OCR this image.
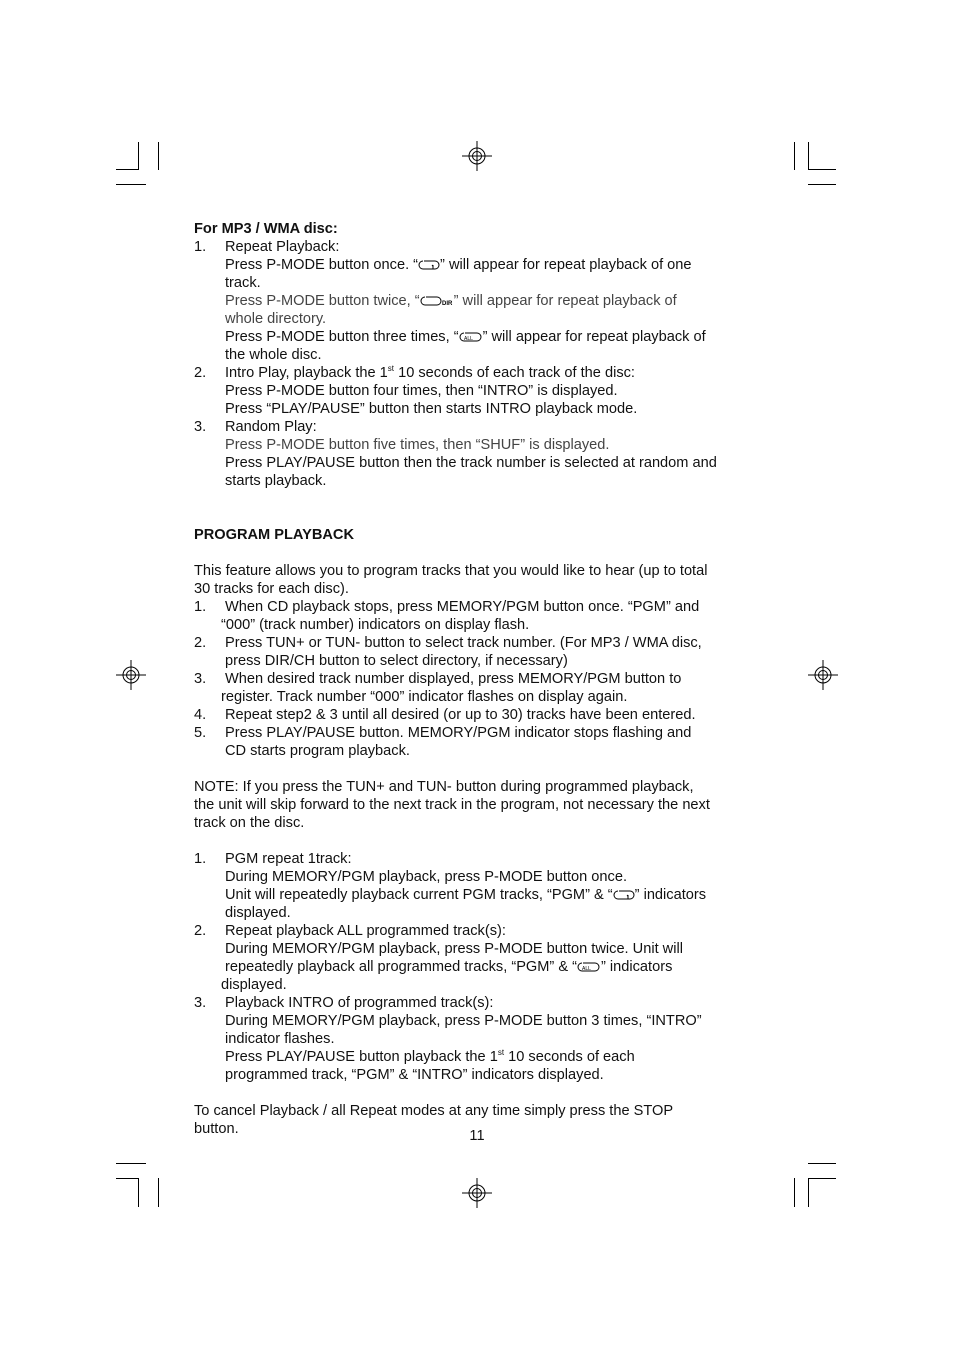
For MP3 / WMA disc:

1. Repeat Playback:

Press P-MODE button once. “ ” will appear for repeat playback of one

track.

Press P-MODE button twice, “	DIR ” will appear for repeat playback of

whole directory.

Press P-MODE button three times, “ ALL ” will appear for repeat playback of

the whole disc.

2. Intro Play, playback the 1st 10 seconds of each track of the disc:

Press P-MODE button four times, then “INTRO” is displayed.

Press “PLAY/PAUSE” button then starts INTRO playback mode.

3. Random Play:

Press P-MODE button five times, then “SHUF” is displayed.

Press PLAY/PAUSE button then the track number is selected at random and

starts playback.

PROGRAM PLAYBACK

This feature allows you to program tracks that you would like to hear (up to total

30 tracks for each disc).

1. When CD playback stops, press MEMORY/PGM button once. “PGM” and

“000” (track number) indicators on display flash.

2. Press TUN+ or TUN- button to select track number. (For MP3 / WMA disc,

press DIR/CH button to select directory, if necessary)

3. When desired track number displayed, press MEMORY/PGM button to

register. Track number “000” indicator flashes on display again.

4. Repeat step2 & 3 until all desired (or up to 30) tracks have been entered.

5. Press PLAY/PAUSE button. MEMORY/PGM indicator stops flashing and

CD starts program playback.

NOTE: If you press the TUN+ and TUN- button during programmed playback,

the unit will skip forward to the next track in the program, not necessary the next

track on the disc.

1. PGM repeat 1track:

During MEMORY/PGM playback, press P-MODE button once.

Unit will repeatedly playback current PGM tracks, “PGM” & “ ” indicators

displayed.

2. Repeat playback ALL programmed track(s):

During MEMORY/PGM playback, press P-MODE button twice. Unit will

repeatedly playback all programmed tracks, “PGM” & “ ALL ” indicators

displayed.

3. Playback INTRO of programmed track(s):

During MEMORY/PGM playback, press P-MODE button 3 times, “INTRO”

indicator flashes.

Press PLAY/PAUSE button playback the 1st 10 seconds of each

programmed track, “PGM” & “INTRO” indicators displayed.

To cancel Playback / all Repeat modes at any time simply press the STOP

button.	11
